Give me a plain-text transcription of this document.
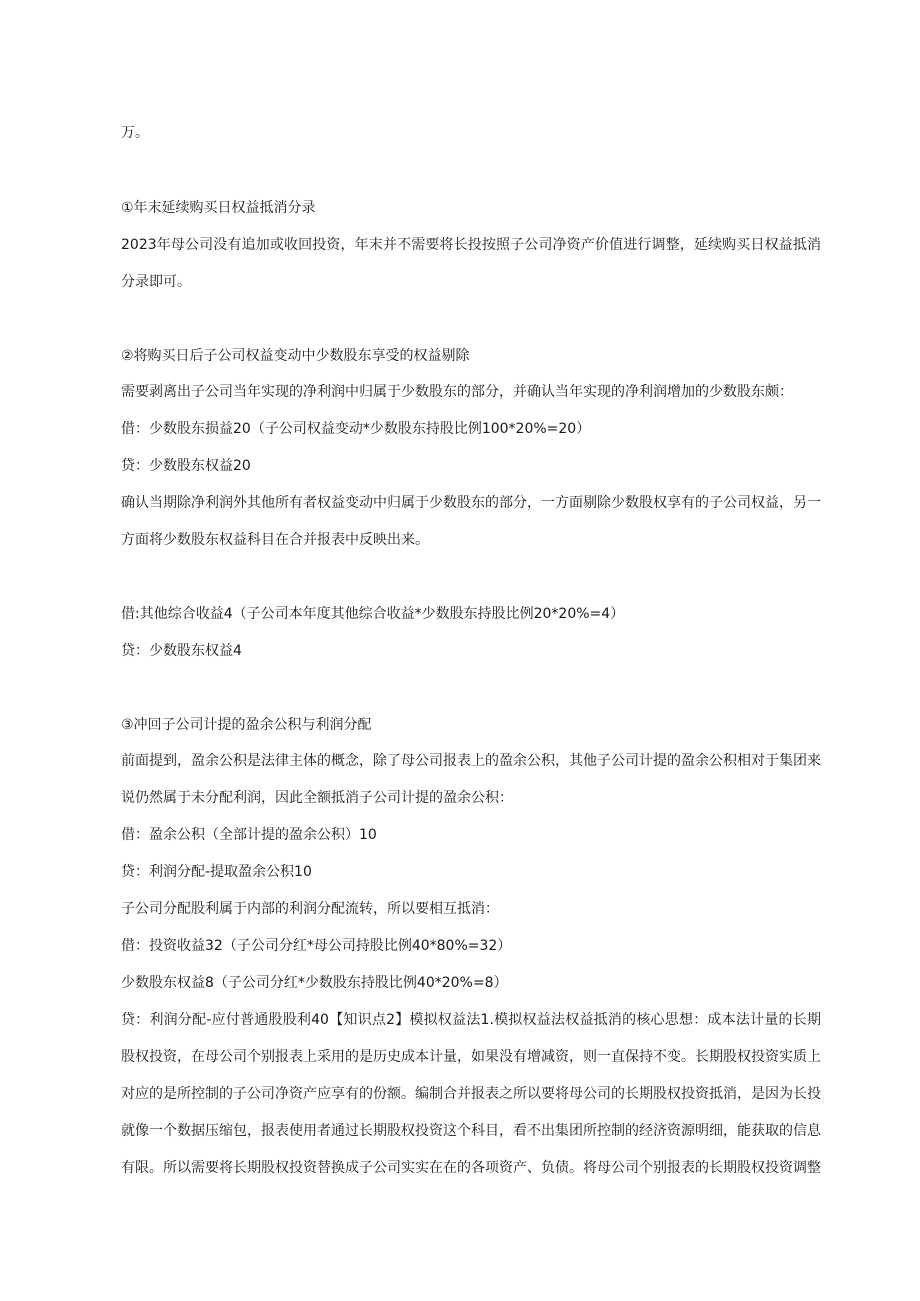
万。
①年末延续购买日权益抵消分录
2023年母公司没有追加或收回投资，年末并不需要将长投按照子公司净资产价值进行调整，延续购买日权益抵消
分录即可。
②将购买日后子公司权益变动中少数股东享受的权益剔除
需要剥离出子公司当年实现的净利润中归属于少数股东的部分，并确认当年实现的净利润增加的少数股东颇：
借：少数股东损益20（子公司权益变动*少数股东持股比例100*20%=20）
贷：少数股东权益20
确认当期除净利润外其他所有者权益变动中归属于少数股东的部分，一方面剔除少数股权享有的子公司权益，另一
方面将少数股东权益科目在合并报表中反映出来。
借:其他综合收益4（子公司本年度其他综合收益*少数股东持股比例20*20%=4）
贷：少数股东权益4
③冲回子公司计提的盈余公积与利润分配
前面提到，盈余公积是法律主体的概念，除了母公司报表上的盈余公积，其他子公司计提的盈余公积相对于集团来
说仍然属于未分配利润，因此全额抵消子公司计提的盈余公积：
借：盈余公积（全部计提的盈余公积）10
贷：利润分配-提取盈余公积10
子公司分配股利属于内部的利润分配流转，所以要相互抵消：
借：投资收益32（子公司分红*母公司持股比例40*80%=32）
少数股东权益8（子公司分红*少数股东持股比例40*20%=8）
贷：利润分配-应付普通股股利40【知识点2】模拟权益法1.模拟权益法权益抵消的核心思想：成本法计量的长期
股权投资，在母公司个别报表上采用的是历史成本计量，如果没有增减资，则一直保持不变。长期股权投资实质上
对应的是所控制的子公司净资产应享有的份额。编制合并报表之所以要将母公司的长期股权投资抵消，是因为长投
就像一个数据压缩包，报表使用者通过长期股权投资这个科目，看不出集团所控制的经济资源明细，能获取的信息
有限。所以需要将长期股权投资替换成子公司实实在在的各项资产、负债。将母公司个别报表的长期股权投资调整
